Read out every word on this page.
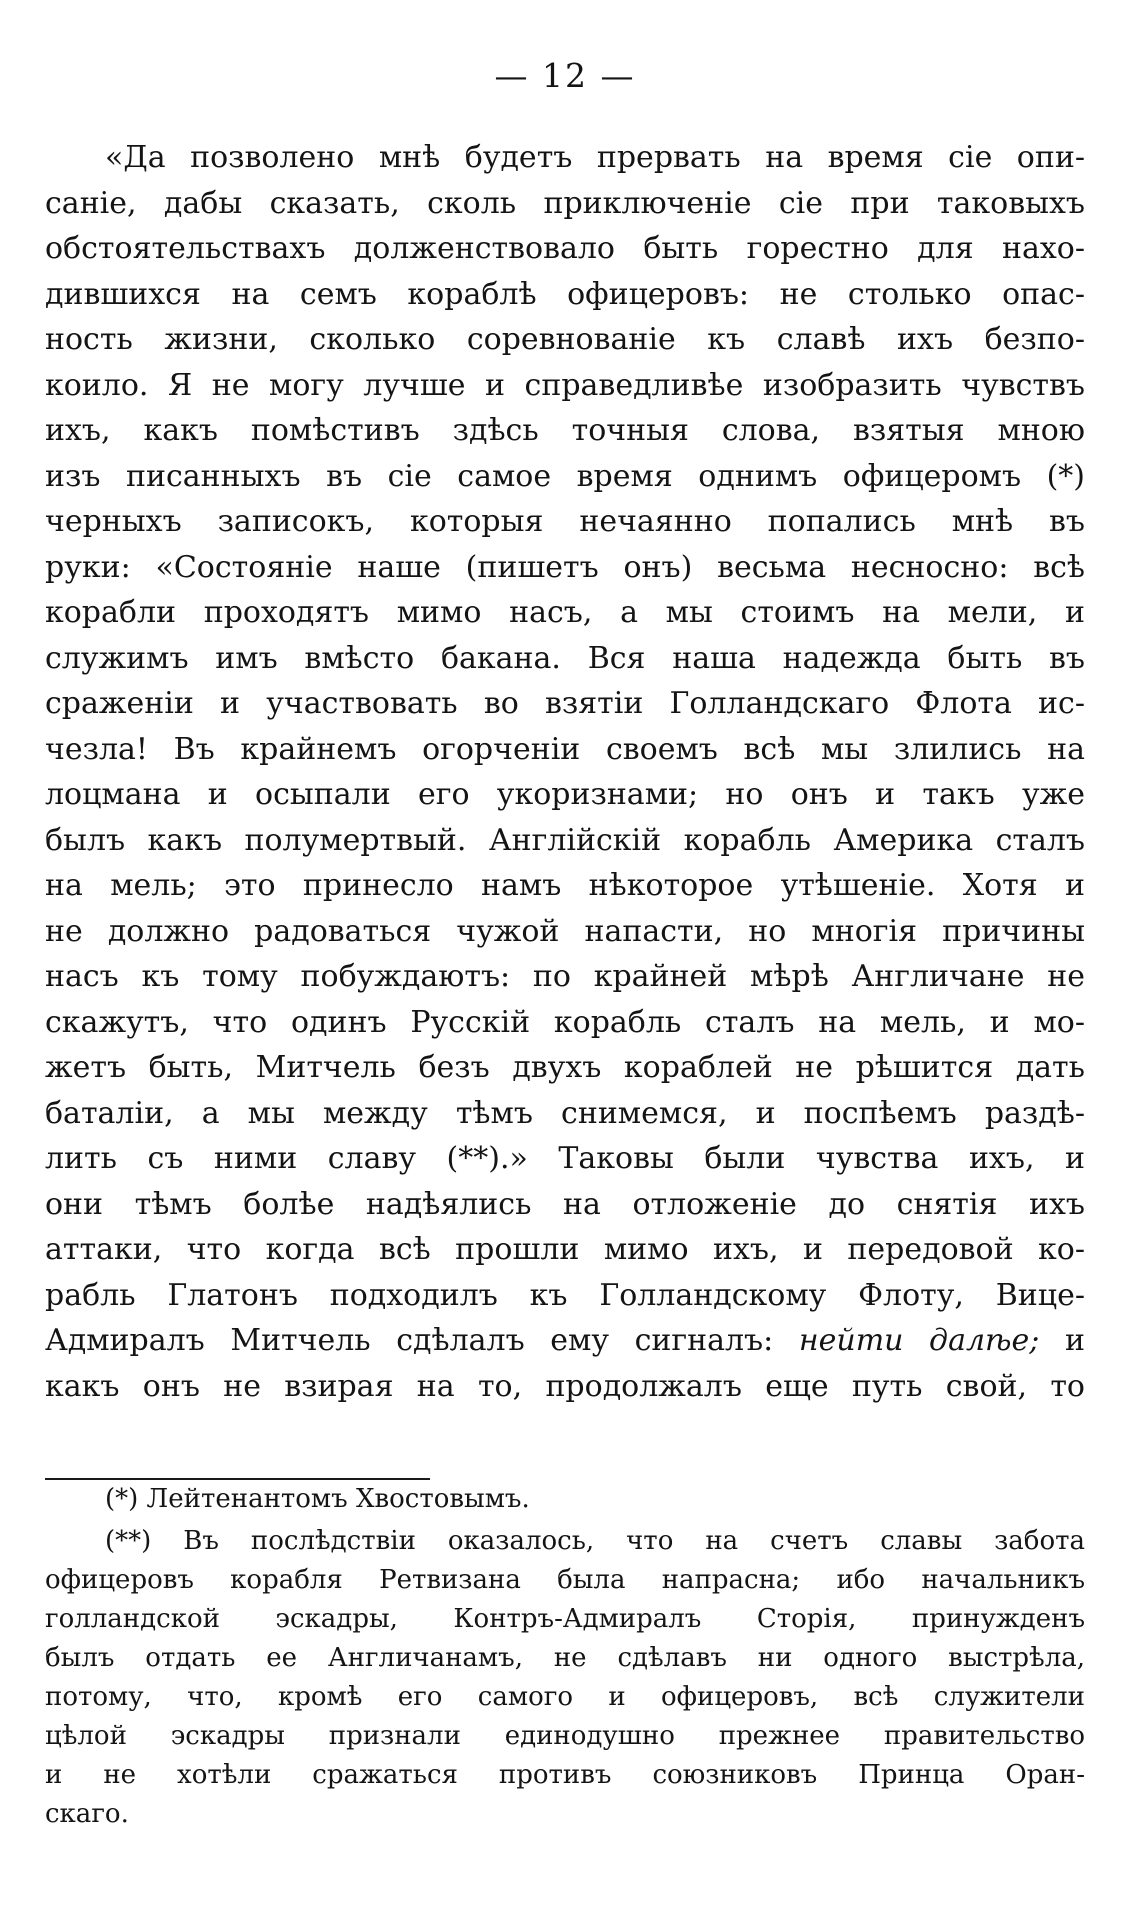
— 12 —
«Да позволено мнѣ будетъ прервать на время сіе опи-
саніе, дабы сказать, сколь приключеніе сіе при таковыхъ
обстоятельствахъ долженствовало быть горестно для нахо-
дившихся на семъ кораблѣ офицеровъ: не столько опас-
ность жизни, сколько соревнованіе къ славѣ ихъ безпо-
коило. Я не могу лучше и справедливѣе изобразить чувствъ
ихъ, какъ помѣстивъ здѣсь точныя слова, взятыя мною
изъ писанныхъ въ сіе самое время однимъ офицеромъ (*)
черныхъ записокъ, которыя нечаянно попались мнѣ въ
руки: «Состояніе наше (пишетъ онъ) весьма несносно: всѣ
корабли проходятъ мимо насъ, а мы стоимъ на мели, и
служимъ имъ вмѣсто бакана. Вся наша надежда быть въ
сраженіи и участвовать во взятіи Голландскаго Флота ис-
чезла! Въ крайнемъ огорченіи своемъ всѣ мы злились на
лоцмана и осыпали его укоризнами; но онъ и такъ уже
былъ какъ полумертвый. Англійскій корабль Америка сталъ
на мель; это принесло намъ нѣкоторое утѣшеніе. Хотя и
не должно радоваться чужой напасти, но многія причины
насъ къ тому побуждаютъ: по крайней мѣрѣ Англичане не
скажутъ, что одинъ Русскій корабль сталъ на мель, и мо-
жетъ быть, Митчель безъ двухъ кораблей не рѣшится дать
баталіи, а мы между тѣмъ снимемся, и поспѣемъ раздѣ-
лить съ ними славу (**).» Таковы были чувства ихъ, и
они тѣмъ болѣе надѣялись на отложеніе до снятія ихъ
аттаки, что когда всѣ прошли мимо ихъ, и передовой ко-
рабль Глатонъ подходилъ къ Голландскому Флоту, Вице-
Адмиралъ Митчель сдѣлалъ ему сигналъ: нейти далѣе; и
какъ онъ не взирая на то, продолжалъ еще путь свой, то
(*) Лейтенантомъ Хвостовымъ.
(**) Въ послѣдствіи оказалось, что на счетъ славы забота
офицеровъ корабля Ретвизана была напрасна; ибо начальникъ
голландской эскадры, Контръ-Адмиралъ Сторія, принужденъ
былъ отдать ее Англичанамъ, не сдѣлавъ ни одного выстрѣла,
потому, что, кромѣ его самого и офицеровъ, всѣ служители
цѣлой эскадры признали единодушно прежнее правительство
и не хотѣли сражаться противъ союзниковъ Принца Оран-
скаго.
